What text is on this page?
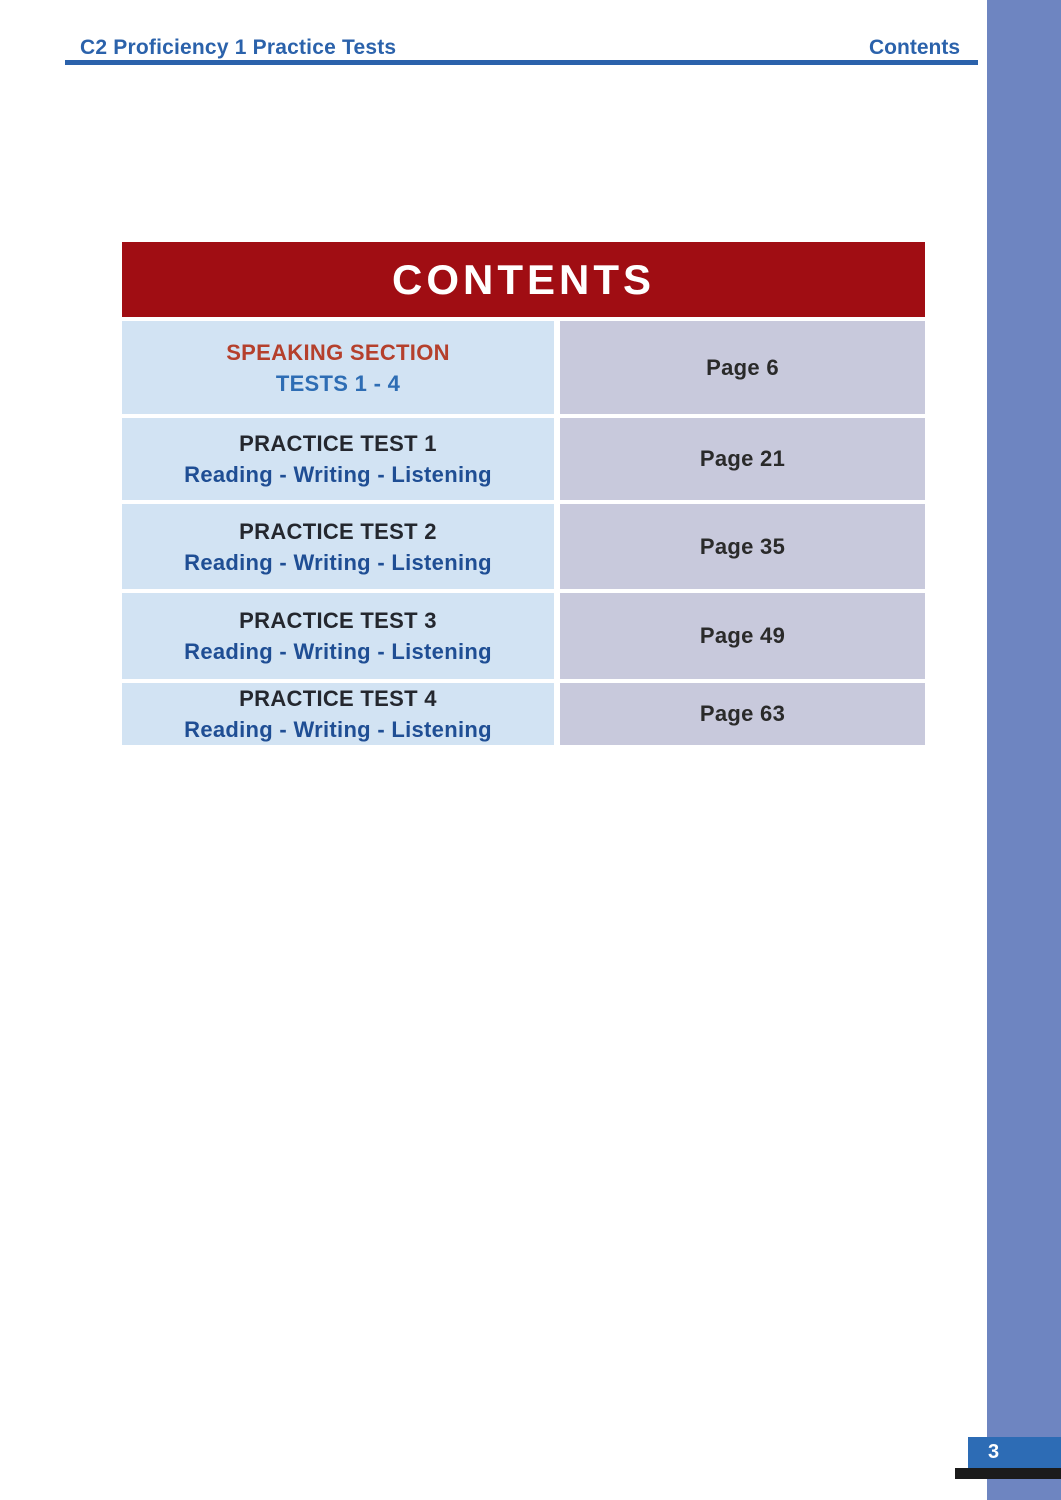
C2 Proficiency 1 Practice Tests	Contents
CONTENTS
SPEAKING SECTION
TESTS 1 - 4
Page 6
PRACTICE TEST 1
Reading - Writing - Listening
Page 21
PRACTICE TEST 2
Reading - Writing - Listening
Page 35
PRACTICE TEST 3
Reading - Writing - Listening
Page 49
PRACTICE TEST 4
Reading - Writing - Listening
Page 63
3
